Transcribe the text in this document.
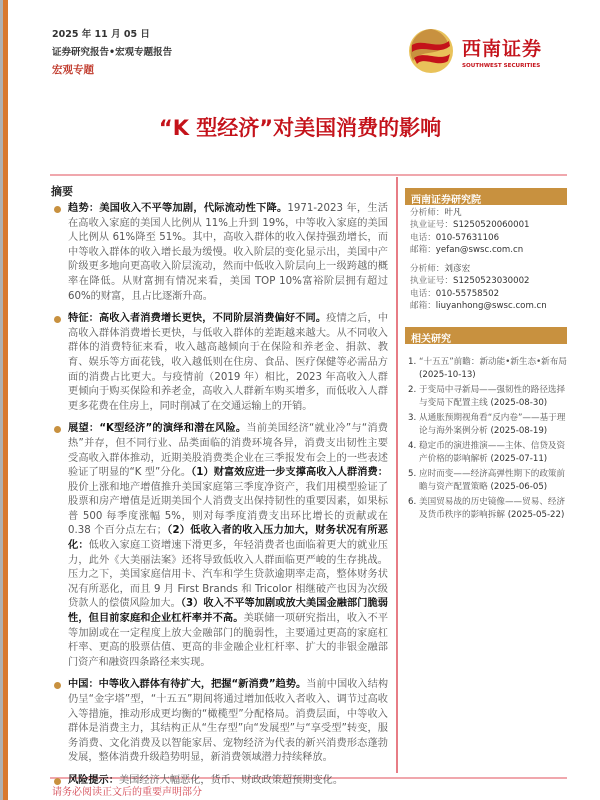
2025 年 11 月 05 日
证券研究报告•宏观专题报告
宏观专题
西南证券
SOUTHWEST SECURITIES
“K 型经济”对美国消费的影响
摘要
趋势：美国收入不平等加剧，代际流动性下降。1971-2023 年，生活在高收入家庭的美国人比例从 11%上升到 19%，中等收入家庭的美国人比例从 61%降至 51%。其中，高收入群体的收入保持强劲增长，而中等收入群体的收入增长最为缓慢。收入阶层的变化显示出，美国中产阶级更多地向更高收入阶层流动，然而中低收入阶层向上一级跨越的概率在降低。从财富拥有情况来看，美国 TOP 10%富裕阶层拥有超过 60%的财富，且占比逐渐升高。
特征：高收入者消费增长更快，不同阶层消费偏好不同。疫情之后，中高收入群体消费增长更快，与低收入群体的差距越来越大。从不同收入群体的消费特征来看，收入越高越倾向于在保险和养老金、捐款、教育、娱乐等方面花钱，收入越低则在住房、食品、医疗保健等必需品方面的消费占比更大。与疫情前（2019 年）相比，2023 年高收入人群更倾向于购买保险和养老金，高收入人群新车购买增多，而低收入人群更多花费在住房上，同时削减了在交通运输上的开销。
展望：“K型经济”的演绎和潜在风险。当前美国经济“就业冷”与“消费热”并存，但不同行业、品类面临的消费环境各异，消费支出韧性主要受高收入群体推动，近期美股消费类企业在三季报发布会上的一些表述验证了明显的“K 型”分化。（1）财富效应进一步支撑高收入人群消费：股价上涨和地产增值推升美国家庭第三季度净资产，我们用模型验证了股票和房产增值是近期美国个人消费支出保持韧性的重要因素，如果标普 500 每季度涨幅 5%，则对每季度消费支出环比增长的贡献或在 0.38 个百分点左右；（2）低收入者的收入压力加大，财务状况有所恶化：低收入家庭工资增速下滑更多，年轻消费者也面临着更大的就业压力，此外《大美丽法案》还将导致低收入人群面临更严峻的生存挑战。压力之下，美国家庭信用卡、汽车和学生贷款逾期率走高，整体财务状况有所恶化，而且 9 月 First Brands 和 Tricolor 相继破产也因为次级贷款人的偿债风险加大。（3）收入不平等加剧或放大美国金融部门脆弱性，但目前家庭和企业杠杆率并不高。美联储一项研究指出，收入不平等加剧或在一定程度上放大金融部门的脆弱性，主要通过更高的家庭杠杆率、更高的股票估值、更高的非金融企业杠杆率、扩大的非银金融部门资产和融资四条路径来实现。
中国：中等收入群体有待扩大，把握“新消费”趋势。当前中国收入结构仍呈“金字塔”型，“十五五”期间将通过增加低收入者收入、调节过高收入等措施，推动形成更均衡的“橄榄型”分配格局。消费层面，中等收入群体是消费主力，其结构正从“生存型”向“发展型”与“享受型”转变，服务消费、文化消费及以智能家居、宠物经济为代表的新兴消费形态蓬勃发展，整体消费升级趋势明显，新消费领域潜力持续释放。
风险提示：美国经济大幅恶化，货币、财政政策超预期变化。
西南证券研究院
分析师：叶凡
执业证号：S1250520060001
电话：010-57631106
邮箱：yefan@swsc.com.cn
分析师：刘彦宏
执业证号：S1250523030002
电话：010-55758502
邮箱：liuyanhong@swsc.com.cn
相关研究
1. “十五五”前瞻：新动能•新生态•新布局 (2025-10-13)
2. 于变局中寻新局——强韧性的路径选择与变局下配置主线 (2025-08-30)
3. 从通胀预期视角看“反内卷”——基于理论与海外案例分析 (2025-08-19)
4. 稳定币的演进推演——主体、信贷及资产价格的影响解析 (2025-07-11)
5. 应时而变——经济高弹性期下的政策前瞻与资产配置策略 (2025-06-05)
6. 美国贸易战的历史镜像——贸易、经济及货币秩序的影响拆解 (2025-05-22)
请务必阅读正文后的重要声明部分
